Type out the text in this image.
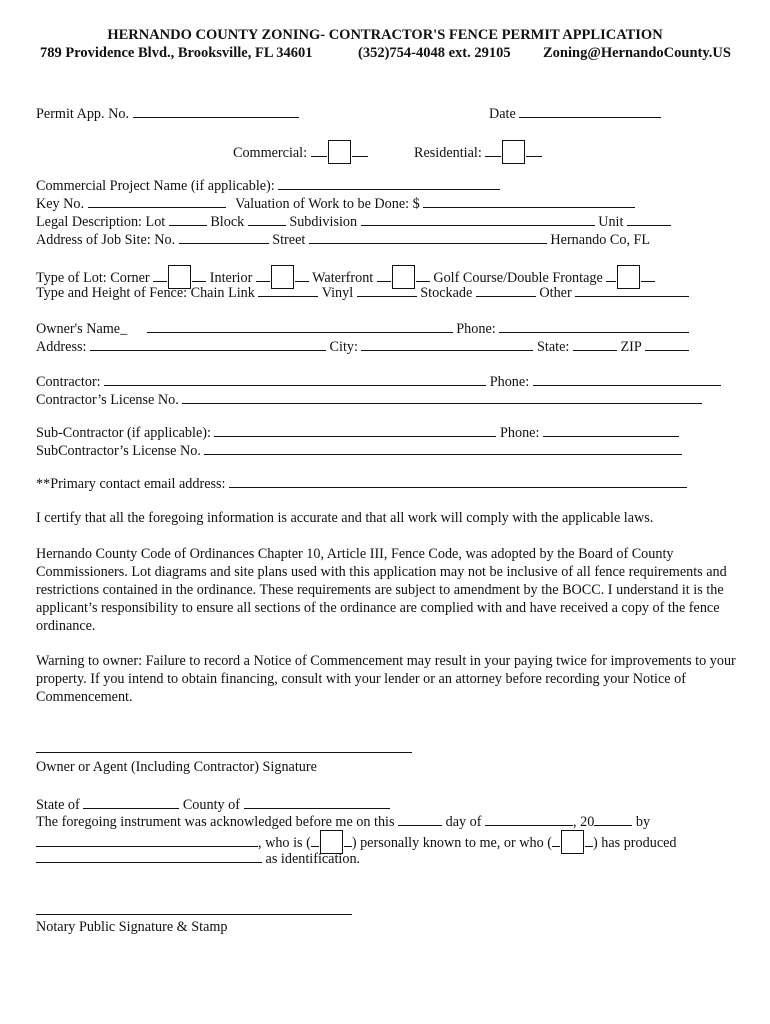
HERNANDO COUNTY ZONING- CONTRACTOR'S FENCE PERMIT APPLICATION
789 Providence Blvd., Brooksville, FL 34601	(352)754-4048 ext. 29105 Zoning@HernandoCounty.US
Permit App. No.	Date
Commercial:	Residential:
Commercial Project Name (if applicable):
Key No.	Valuation of Work to be Done: $
Legal Description: Lot	Block	Subdivision	Unit
Address of Job Site: No.	Street	Hernando Co, FL
Type of Lot: Corner	Interior	Waterfront	Golf Course/Double Frontage
Type and Height of Fence: Chain Link	Vinyl	Stockade	Other
Owner's Name_	Phone:
Address:	City:	State:	ZIP
Contractor:	Phone:
Contractor’s License No.
Sub-Contractor (if applicable):	Phone:
SubContractor’s License No.
**Primary contact email address:
I certify that all the foregoing information is accurate and that all work will comply with the applicable laws.
Hernando County Code of Ordinances Chapter 10, Article III, Fence Code, was adopted by the Board of County Commissioners. Lot diagrams and site plans used with this application may not be inclusive of all fence requirements and restrictions contained in the ordinance. These requirements are subject to amendment by the BOCC. I understand it is the applicant’s responsibility to ensure all sections of the ordinance are complied with and have received a copy of the fence ordinance.
Warning to owner: Failure to record a Notice of Commencement may result in your paying twice for improvements to your property. If you intend to obtain financing, consult with your lender or an attorney before recording your Notice of Commencement.
Owner or Agent (Including Contractor) Signature
State of	County of
The foregoing instrument was acknowledged before me on this	day of	, 20	by
, who is (	) personally known to me, or who (	) has produced
as identification.
Notary Public Signature & Stamp
